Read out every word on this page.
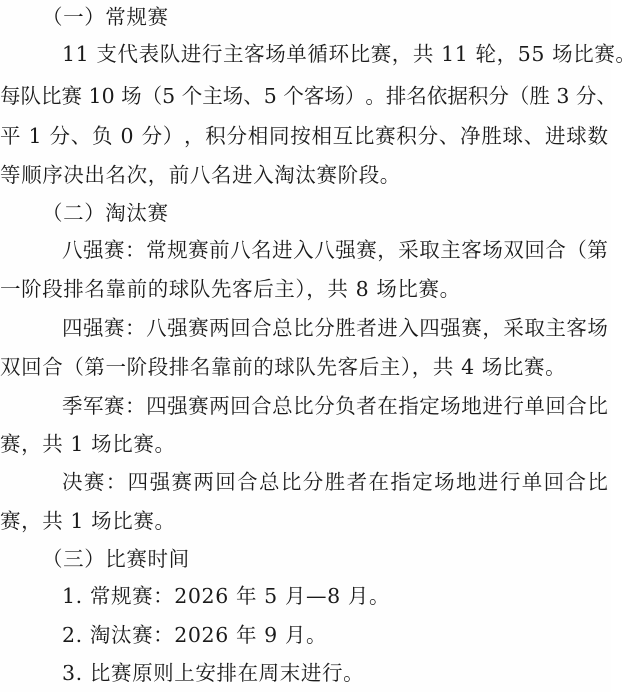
（一）常规赛
11 支代表队进行主客场单循环比赛，共 11 轮，55 场比赛。
每 队 比 赛
1 0
场 （ 5
个 主 场 、 5
个 客 场 ） 。 排 名 依 据 积 分 （ 胜
3
分 、
平
1
分 、 负
0
分 ） ， 积 分 相 同 按 相 互 比 赛 积 分 、 净 胜 球 、 进 球 数
等顺序决出名次，前八名进入淘汰赛阶段。
（二）淘汰赛
八 强 赛 ： 常 规 赛 前 八 名 进 入 八 强 赛 ， 采 取 主 客 场 双 回 合 （ 第
一阶段排名靠前的球队先客后主），共 8 场比赛。
四 强 赛 ： 八 强 赛 两 回 合 总 比 分 胜 者 进 入 四 强 赛 ， 采 取 主 客 场
双回合（第一阶段排名靠前的球队先客后主），共 4 场比赛。
季 军 赛 ： 四 强 赛 两 回 合 总 比 分 负 者 在 指 定 场 地 进 行 单 回 合 比
赛，共 1 场比赛。
决 赛 ： 四 强 赛 两 回 合 总 比 分 胜 者 在 指 定 场 地 进 行 单 回 合 比
赛，共 1 场比赛。
（三）比赛时间
1. 常规赛：2026 年 5 月—8 月。
2. 淘汰赛：2026 年 9 月。
3. 比赛原则上安排在周末进行。
